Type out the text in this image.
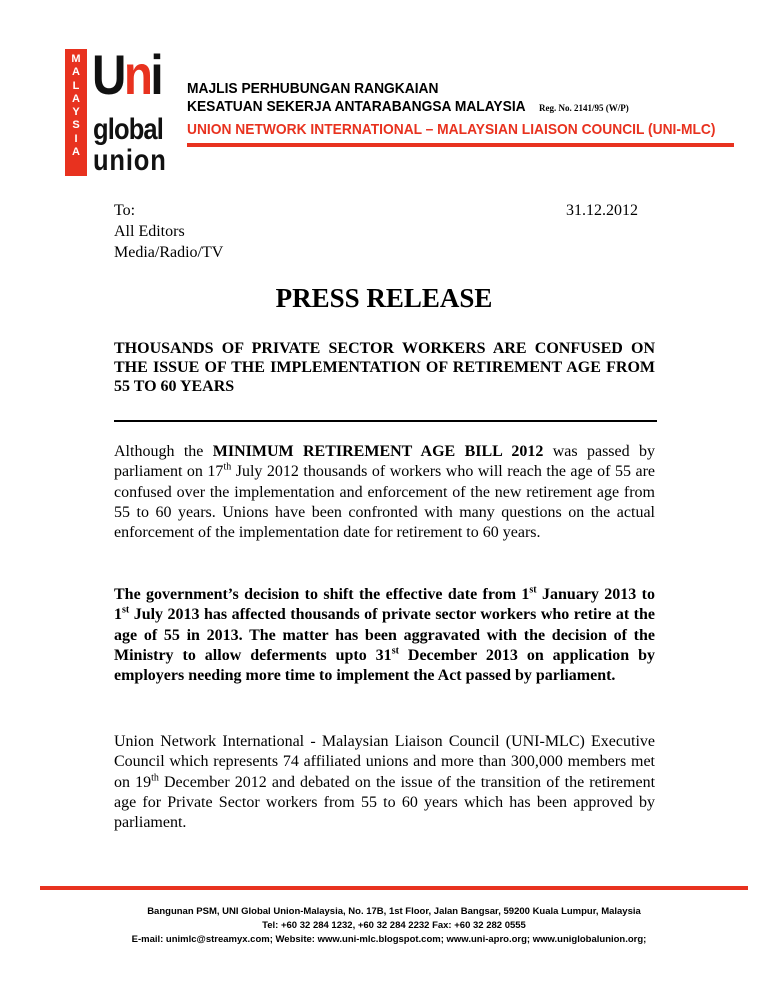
M
A
L
A
Y
S
I
A
Uni
global
union
MAJLIS PERHUBUNGAN RANGKAIAN
KESATUAN SEKERJA ANTARABANGSA MALAYSIA Reg. No. 2141/95 (W/P)
UNION NETWORK INTERNATIONAL – MALAYSIAN LIAISON COUNCIL (UNI-MLC)
To:	31.12.2012
All Editors
Media/Radio/TV
PRESS RELEASE
THOUSANDS OF PRIVATE SECTOR WORKERS ARE CONFUSED ON THE ISSUE OF THE IMPLEMENTATION OF RETIREMENT AGE FROM 55 TO 60 YEARS
Although the MINIMUM RETIREMENT AGE BILL 2012 was passed by parliament on 17th July 2012 thousands of workers who will reach the age of 55 are confused over the implementation and enforcement of the new retirement age from 55 to 60 years. Unions have been confronted with many questions on the actual enforcement of the implementation date for retirement to 60 years.
The government’s decision to shift the effective date from 1st January 2013 to 1st July 2013 has affected thousands of private sector workers who retire at the age of 55 in 2013. The matter has been aggravated with the decision of the Ministry to allow deferments upto 31st December 2013 on application by employers needing more time to implement the Act passed by parliament.
Union Network International - Malaysian Liaison Council (UNI-MLC) Executive Council which represents 74 affiliated unions and more than 300,000 members met on 19th December 2012 and debated on the issue of the transition of the retirement age for Private Sector workers from 55 to 60 years which has been approved by parliament.
Bangunan PSM, UNI Global Union-Malaysia, No. 17B, 1st Floor, Jalan Bangsar, 59200 Kuala Lumpur, Malaysia
Tel: +60 32 284 1232, +60 32 284 2232 Fax: +60 32 282 0555
E-mail: unimlc@streamyx.com; Website: www.uni-mlc.blogspot.com; www.uni-apro.org; www.uniglobalunion.org;
